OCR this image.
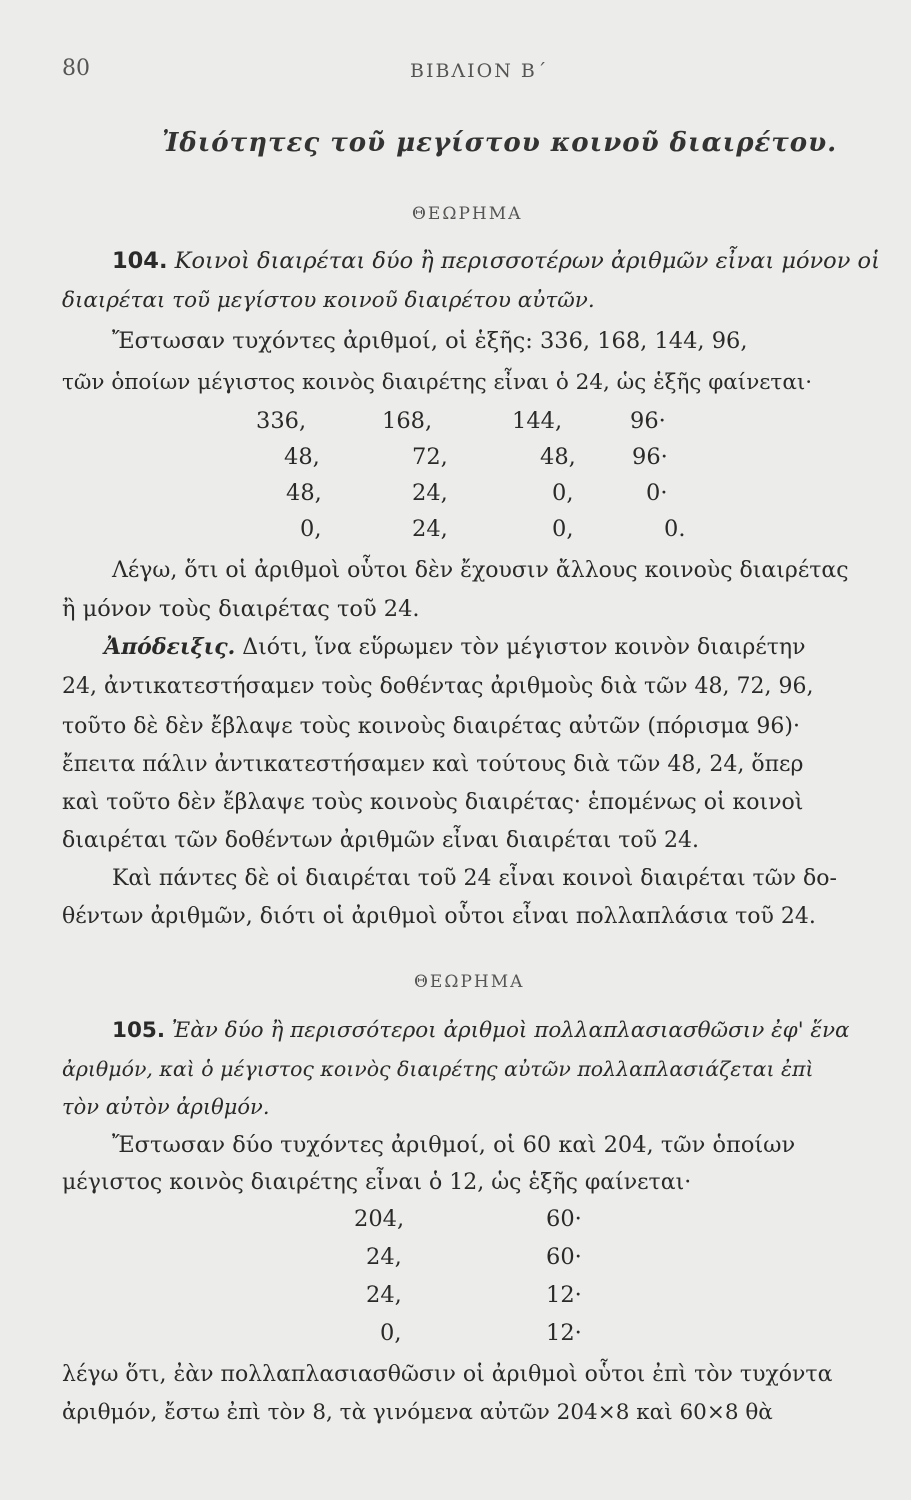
80	ΒΙΒΛΙΟΝ Β΄
Ἰδιότητες τοῦ μεγίστου κοινοῦ διαιρέτου.
ΘΕΩΡΗΜΑ
104. Κοινοὶ διαιρέται δύο ἢ περισσοτέρων ἀριθμῶν εἶναι μόνον οἱ
διαιρέται τοῦ μεγίστου κοινοῦ διαιρέτου αὐτῶν.
Ἔστωσαν τυχόντες ἀριθμοί, οἱ ἑξῆς: 336, 168, 144, 96,
τῶν ὁποίων μέγιστος κοινὸς διαιρέτης εἶναι ὁ 24, ὡς ἑξῆς φαίνεται·
336,	168,	144,	96·
48,	72,	48, 96·
48,	24,	0,	0·
0,	24,	0,	0.
Λέγω, ὅτι οἱ ἀριθμοὶ οὗτοι δὲν ἔχουσιν ἄλλους κοινοὺς διαιρέτας
ἢ μόνον τοὺς διαιρέτας τοῦ 24.
Ἀπόδειξις. Διότι, ἵνα εὕρωμεν τὸν μέγιστον κοινὸν διαιρέτην
24, ἀντικατεστήσαμεν τοὺς δοθέντας ἀριθμοὺς διὰ τῶν 48, 72, 96,
τοῦτο δὲ δὲν ἔβλαψε τοὺς κοινοὺς διαιρέτας αὐτῶν (πόρισμα 96)·
ἔπειτα πάλιν ἀντικατεστήσαμεν καὶ τούτους διὰ τῶν 48, 24, ὅπερ
καὶ τοῦτο δὲν ἔβλαψε τοὺς κοινοὺς διαιρέτας· ἑπομένως οἱ κοινοὶ
διαιρέται τῶν δοθέντων ἀριθμῶν εἶναι διαιρέται τοῦ 24.
Καὶ πάντες δὲ οἱ διαιρέται τοῦ 24 εἶναι κοινοὶ διαιρέται τῶν δο-
θέντων ἀριθμῶν, διότι οἱ ἀριθμοὶ οὗτοι εἶναι πολλαπλάσια τοῦ 24.
ΘΕΩΡΗΜΑ
105. Ἐὰν δύο ἢ περισσότεροι ἀριθμοὶ πολλαπλασιασθῶσιν ἐφ' ἕνα
ἀριθμόν, καὶ ὁ μέγιστος κοινὸς διαιρέτης αὐτῶν πολλαπλασιάζεται ἐπὶ
τὸν αὐτὸν ἀριθμόν.
Ἔστωσαν δύο τυχόντες ἀριθμοί, οἱ 60 καὶ 204, τῶν ὁποίων
μέγιστος κοινὸς διαιρέτης εἶναι ὁ 12, ὡς ἑξῆς φαίνεται·
204,	60·
24,	60·
24,	12·
0,	12·
λέγω ὅτι, ἐὰν πολλαπλασιασθῶσιν οἱ ἀριθμοὶ οὗτοι ἐπὶ τὸν τυχόντα
ἀριθμόν, ἔστω ἐπὶ τὸν 8, τὰ γινόμενα αὐτῶν 204×8 καὶ 60×8 θὰ
